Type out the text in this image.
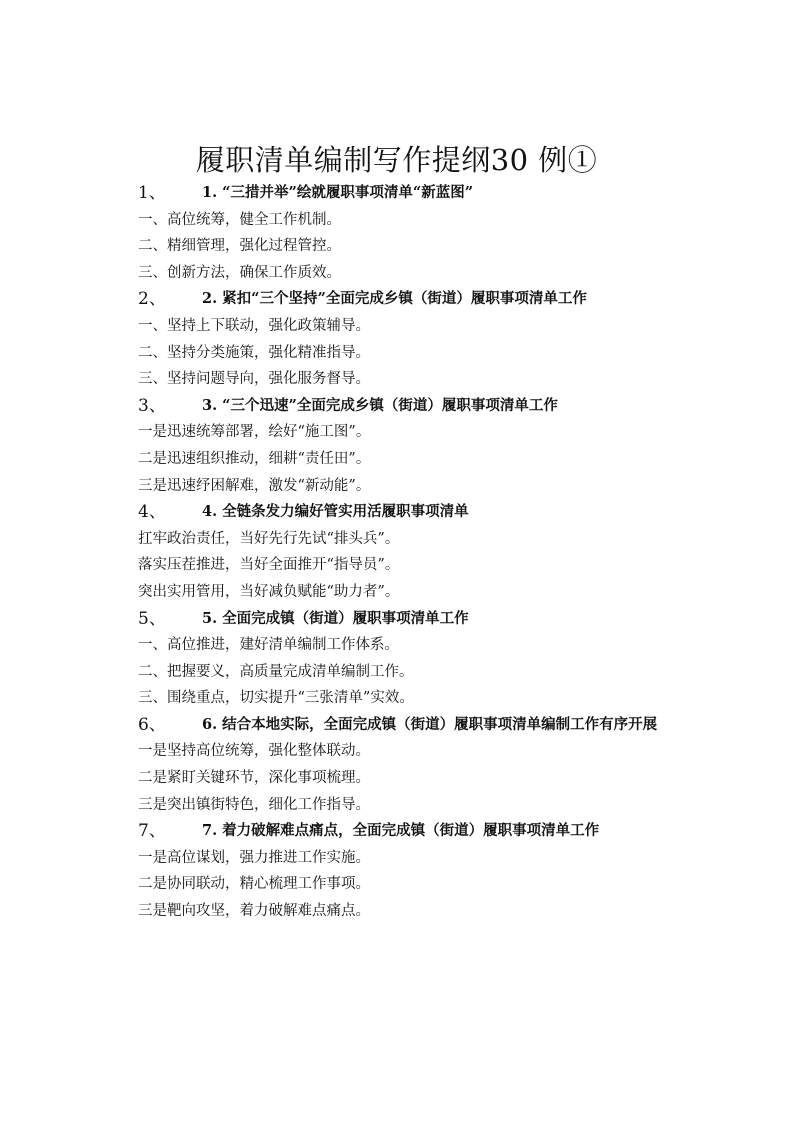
履职清单编制写作提纲30 例①
1、 1. “三措并举”绘就履职事项清单“新蓝图”
一、高位统筹，健全工作机制。
二、精细管理，强化过程管控。
三、创新方法，确保工作质效。
2、 2. 紧扣“三个坚持”全面完成乡镇（街道）履职事项清单工作
一、坚持上下联动，强化政策辅导。
二、坚持分类施策，强化精准指导。
三、坚持问题导向，强化服务督导。
3、 3. “三个迅速”全面完成乡镇（街道）履职事项清单工作
一是迅速统筹部署，绘好“施工图”。
二是迅速组织推动，细耕“责任田”。
三是迅速纾困解难，激发“新动能”。
4、 4. 全链条发力编好管实用活履职事项清单
扛牢政治责任，当好先行先试“排头兵”。
落实压茬推进，当好全面推开“指导员”。
突出实用管用，当好减负赋能“助力者”。
5、 5. 全面完成镇（街道）履职事项清单工作
一、高位推进，建好清单编制工作体系。
二、把握要义，高质量完成清单编制工作。
三、围绕重点，切实提升“三张清单”实效。
6、	6. 结合本地实际，全面完成镇（街道）履职事项清单编制工作有序开展
一是坚持高位统筹，强化整体联动。
二是紧盯关键环节，深化事项梳理。
三是突出镇街特色，细化工作指导。
7、 7. 着力破解难点痛点，全面完成镇（街道）履职事项清单工作
一是高位谋划，强力推进工作实施。
二是协同联动，精心梳理工作事项。
三是靶向攻坚，着力破解难点痛点。
